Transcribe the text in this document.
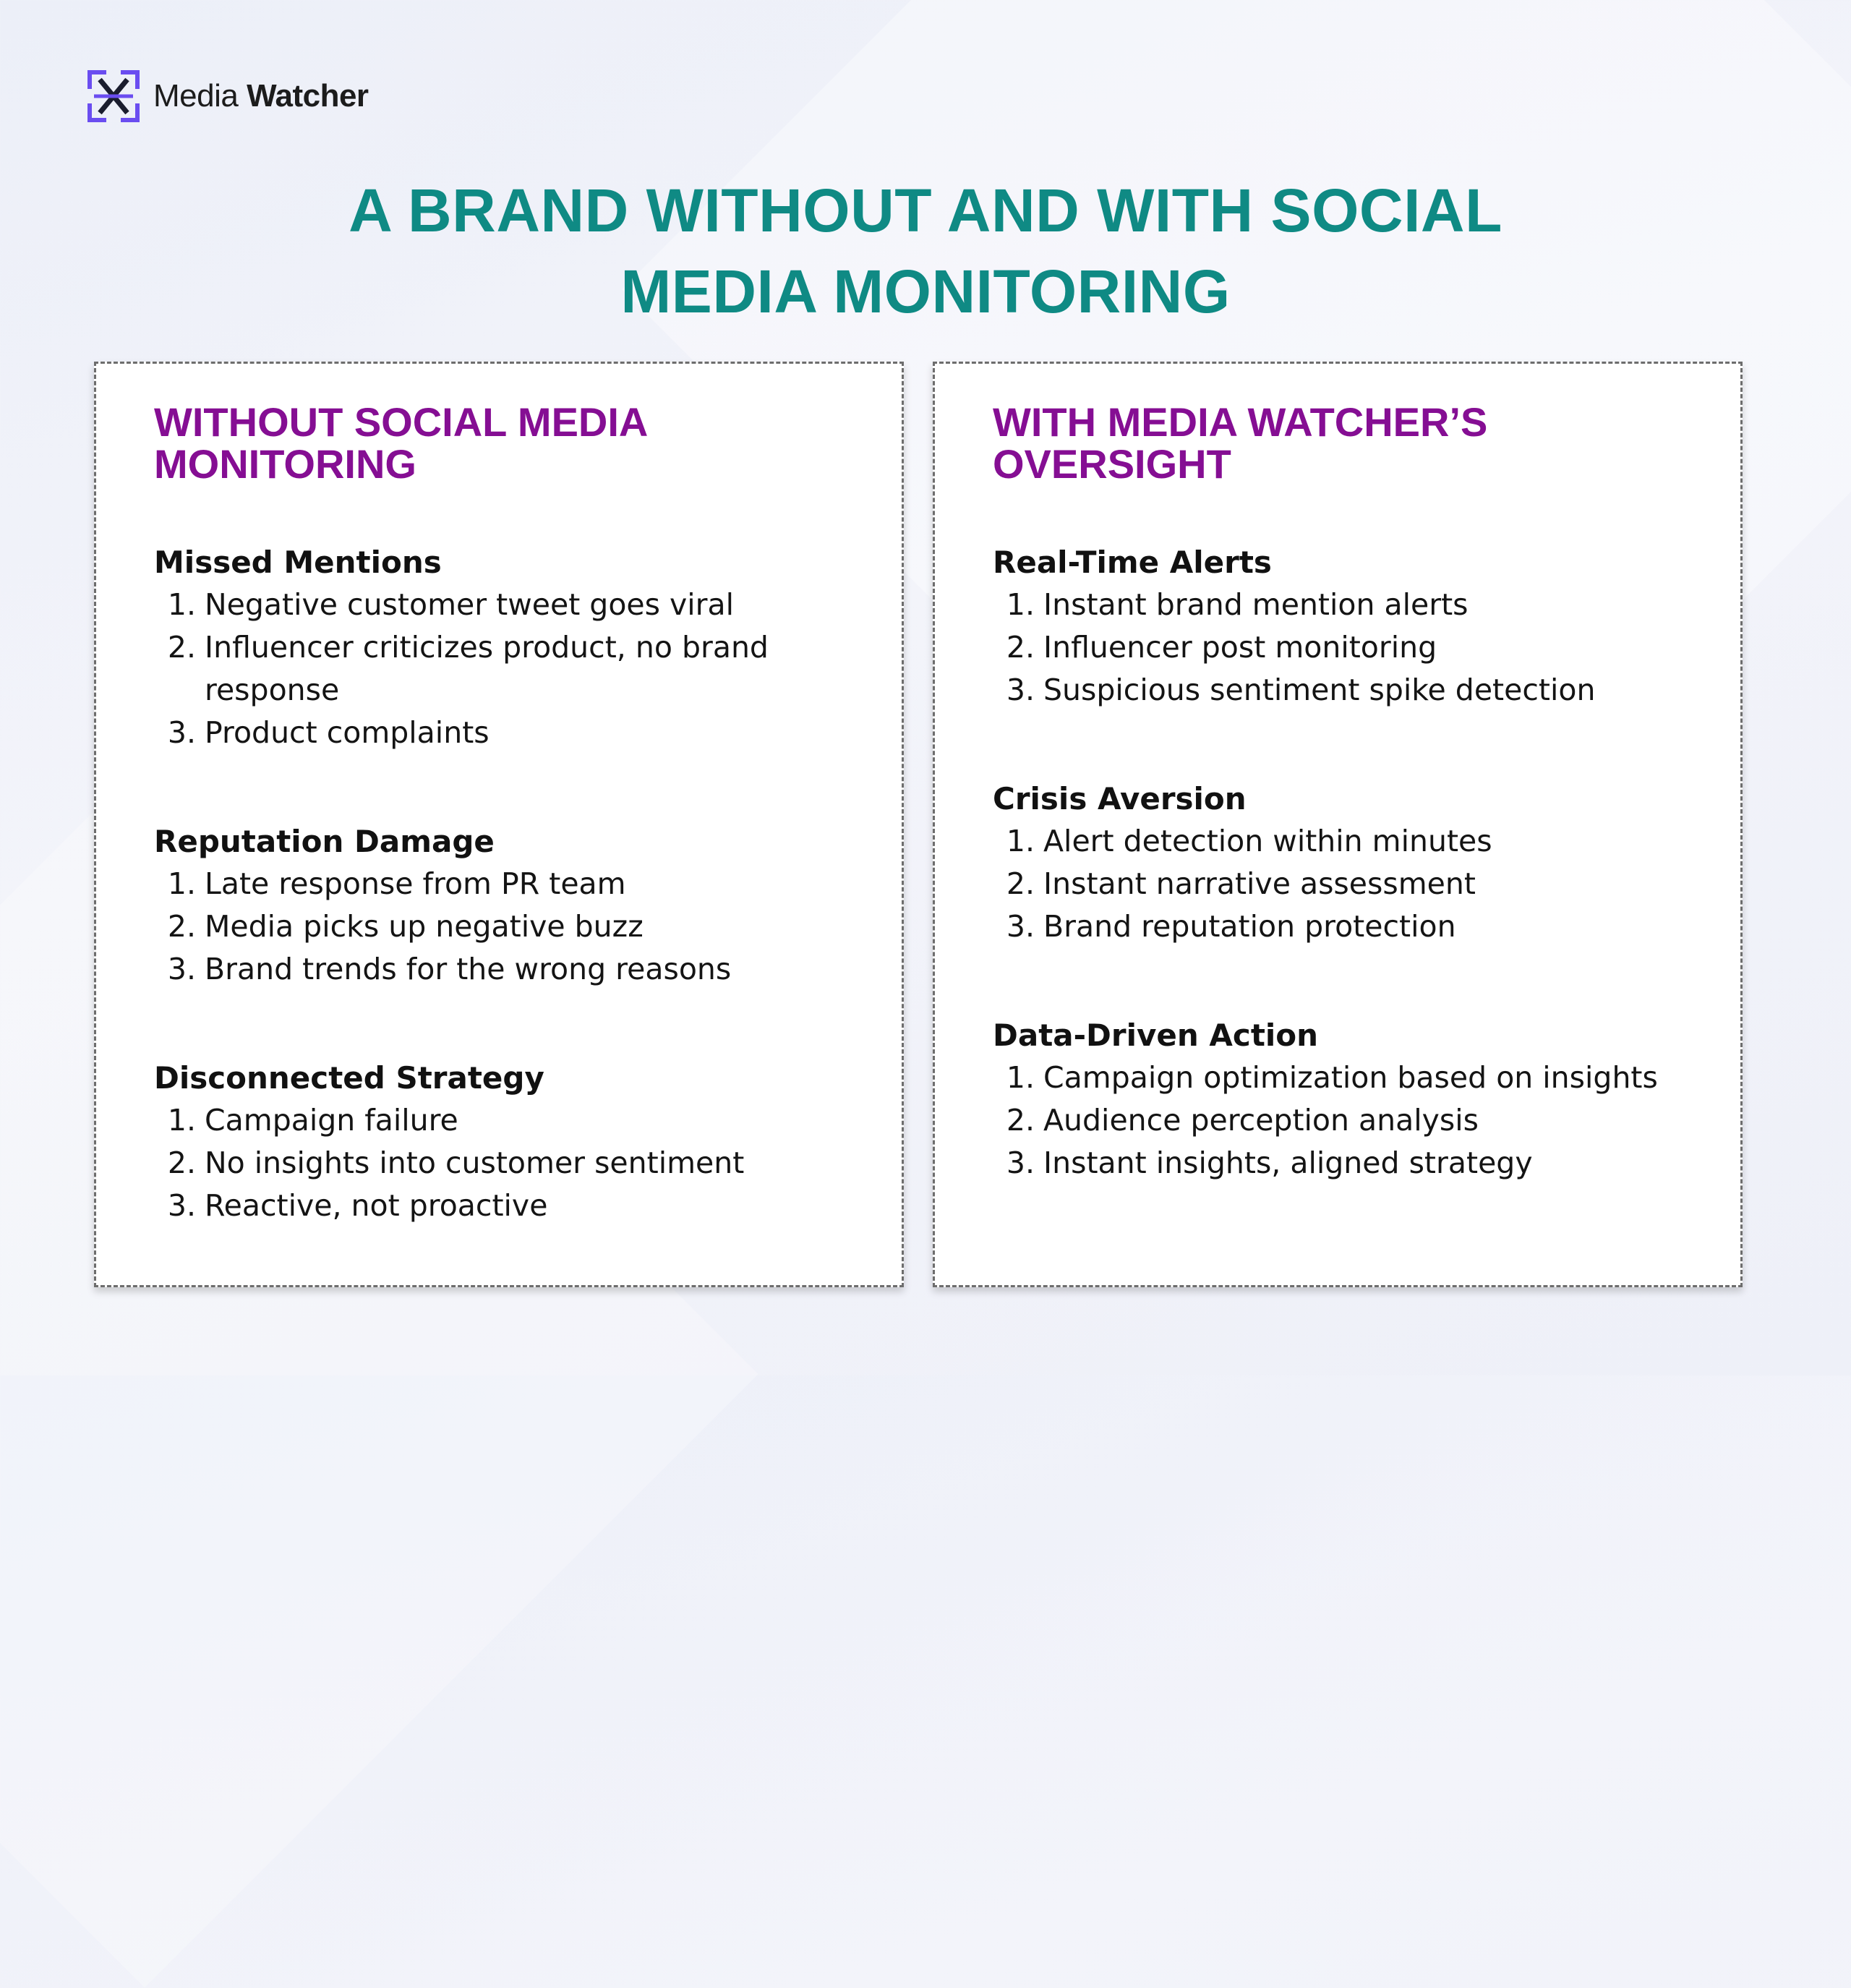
Media Watcher
A BRAND WITHOUT AND WITH SOCIAL
MEDIA MONITORING
WITHOUT SOCIAL MEDIA
MONITORING
Missed Mentions
1. Negative customer tweet goes viral
2. Influencer criticizes product, no brand response
3. Product complaints
Reputation Damage
1. Late response from PR team
2. Media picks up negative buzz
3. Brand trends for the wrong reasons
Disconnected Strategy
1. Campaign failure
2. No insights into customer sentiment
3. Reactive, not proactive
WITH MEDIA WATCHER’S
OVERSIGHT
Real-Time Alerts
1. Instant brand mention alerts
2. Influencer post monitoring
3. Suspicious sentiment spike detection
Crisis Aversion
1. Alert detection within minutes
2. Instant narrative assessment
3. Brand reputation protection
Data-Driven Action
1. Campaign optimization based on insights
2. Audience perception analysis
3. Instant insights, aligned strategy
